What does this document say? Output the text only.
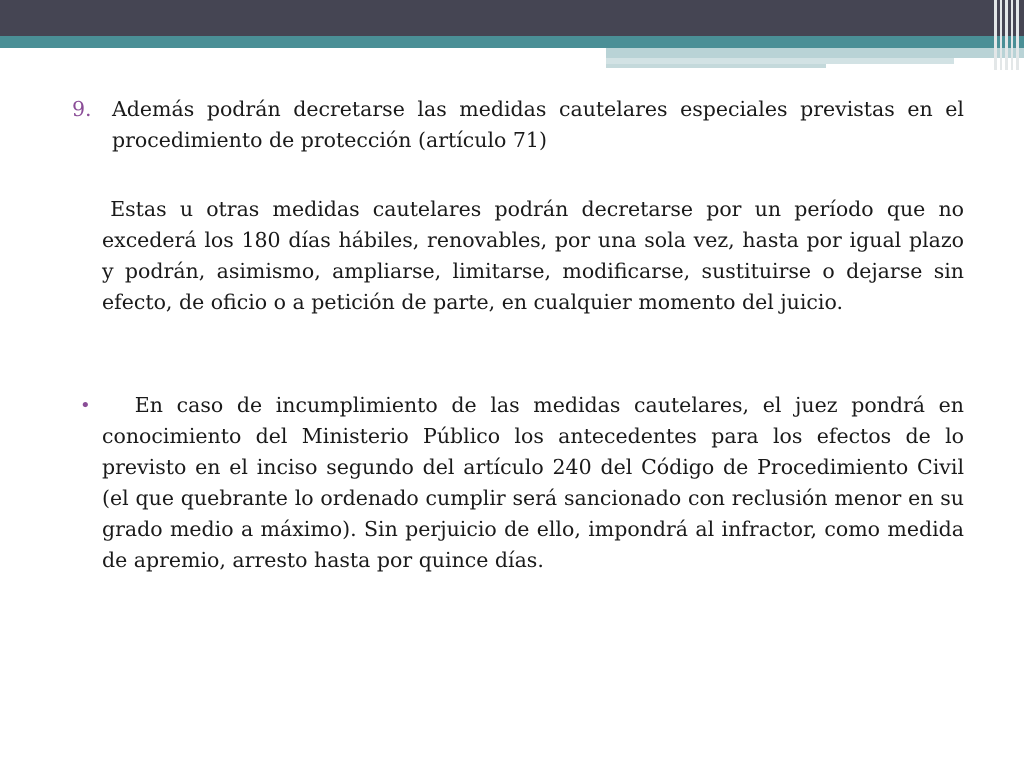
9. Además podrán decretarse las medidas cautelares especiales previstas en el procedimiento de protección (artículo 71)

Estas u otras medidas cautelares podrán decretarse por un período que no excederá los 180 días hábiles, renovables, por una sola vez, hasta por igual plazo y podrán, asimismo, ampliarse, limitarse, modificarse, sustituirse o dejarse sin efecto, de oficio o a petición de parte, en cualquier momento del juicio.

•	En caso de incumplimiento de las medidas cautelares, el juez pondrá en conocimiento del Ministerio Público los antecedentes para los efectos de lo previsto en el inciso segundo del artículo 240 del Código de Procedimiento Civil (el que quebrante lo ordenado cumplir será sancionado con reclusión menor en su grado medio a máximo). Sin perjuicio de ello, impondrá al infractor, como medida de apremio, arresto hasta por quince días.
